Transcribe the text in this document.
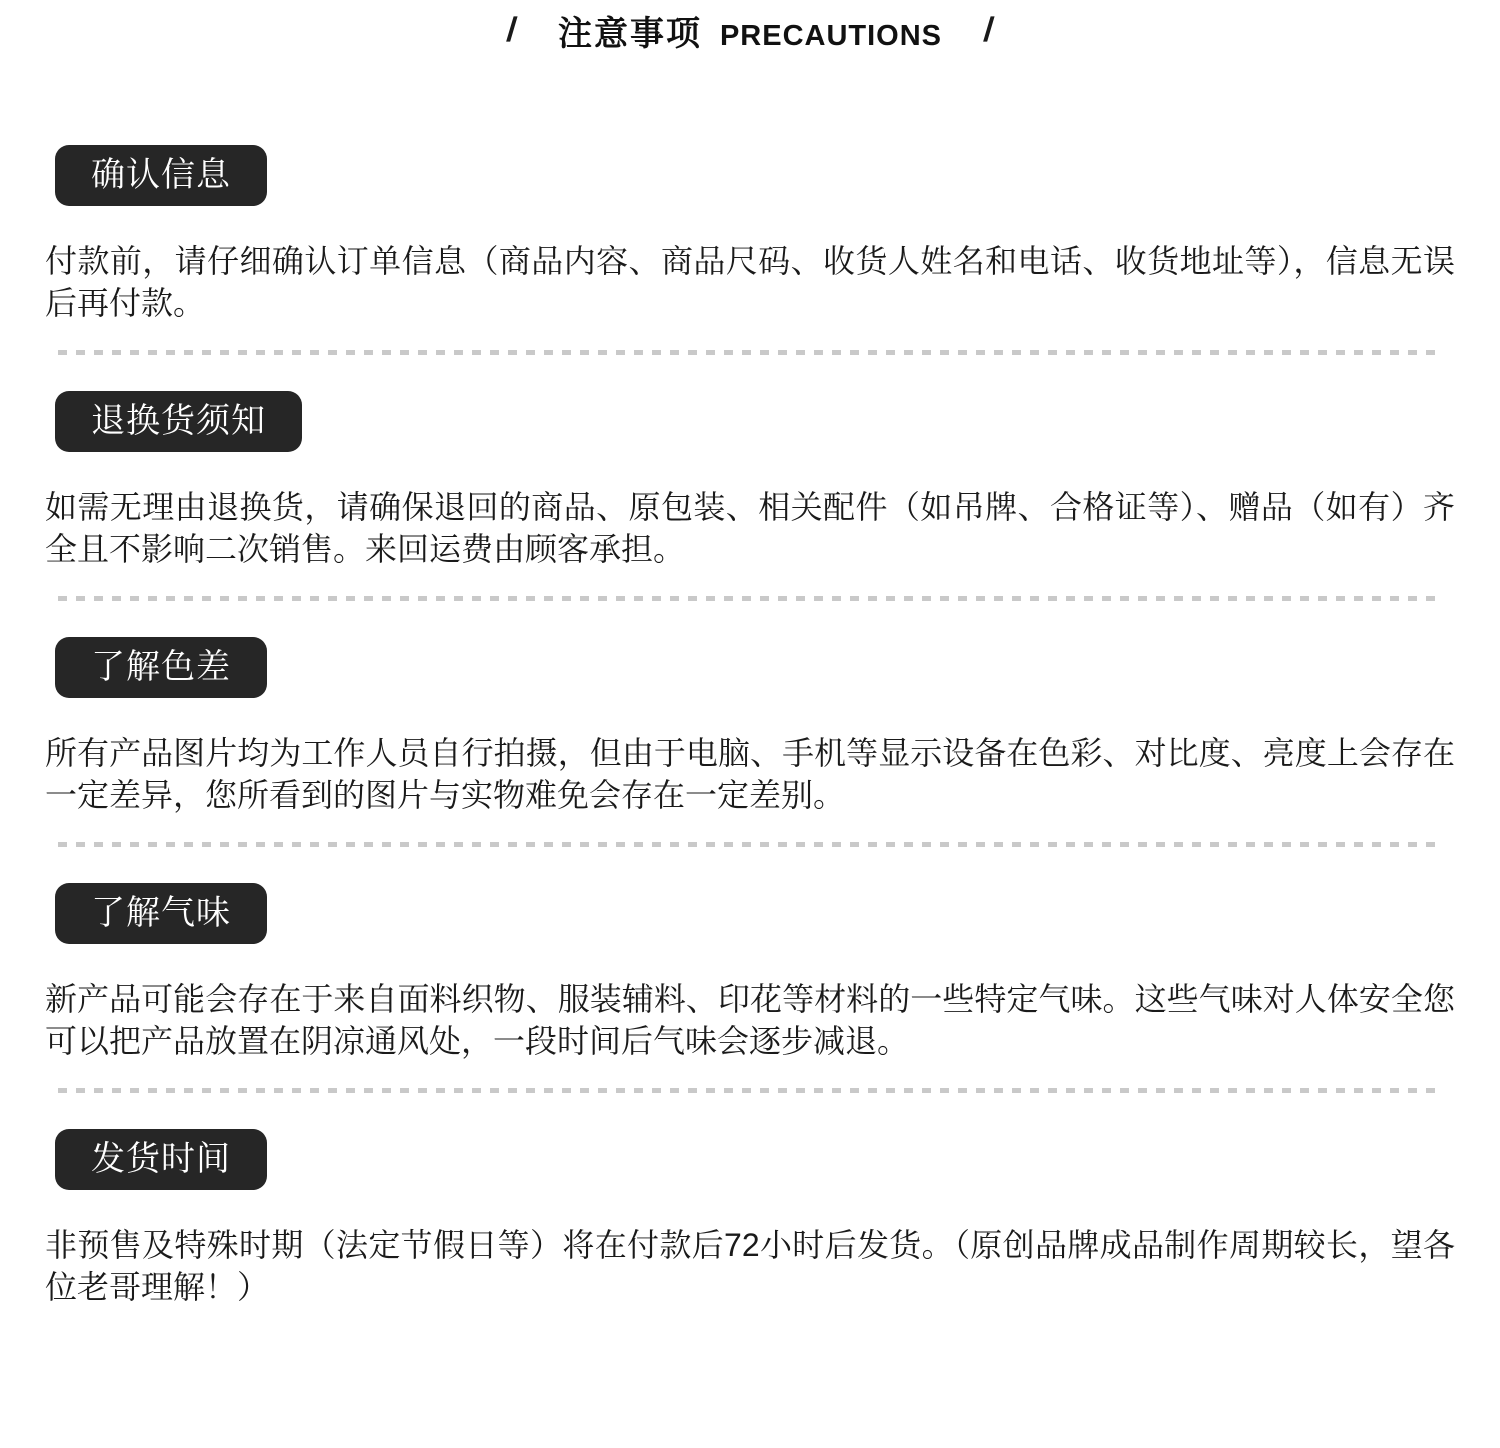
/ 注意事项 PRECAUTIONS /
确认信息

付款前，请仔细确认订单信息（商品内容、商品尺码、收货人姓名和电话、收货地址等），信息无误后再付款。

退换货须知

如需无理由退换货，请确保退回的商品、原包装、相关配件（如吊牌、合格证等）、赠品（如有）齐全且不影响二次销售。来回运费由顾客承担。

了解色差

所有产品图片均为工作人员自行拍摄，但由于电脑、手机等显示设备在色彩、对比度、亮度上会存在一定差异，您所看到的图片与实物难免会存在一定差别。

了解气味

新产品可能会存在于来自面料织物、服装辅料、印花等材料的一些特定气味。这些气味对人体安全您可以把产品放置在阴凉通风处，一段时间后气味会逐步减退。

发货时间

非预售及特殊时期（法定节假日等）将在付款后72小时后发货。（原创品牌成品制作周期较长，望各位老哥理解！）
